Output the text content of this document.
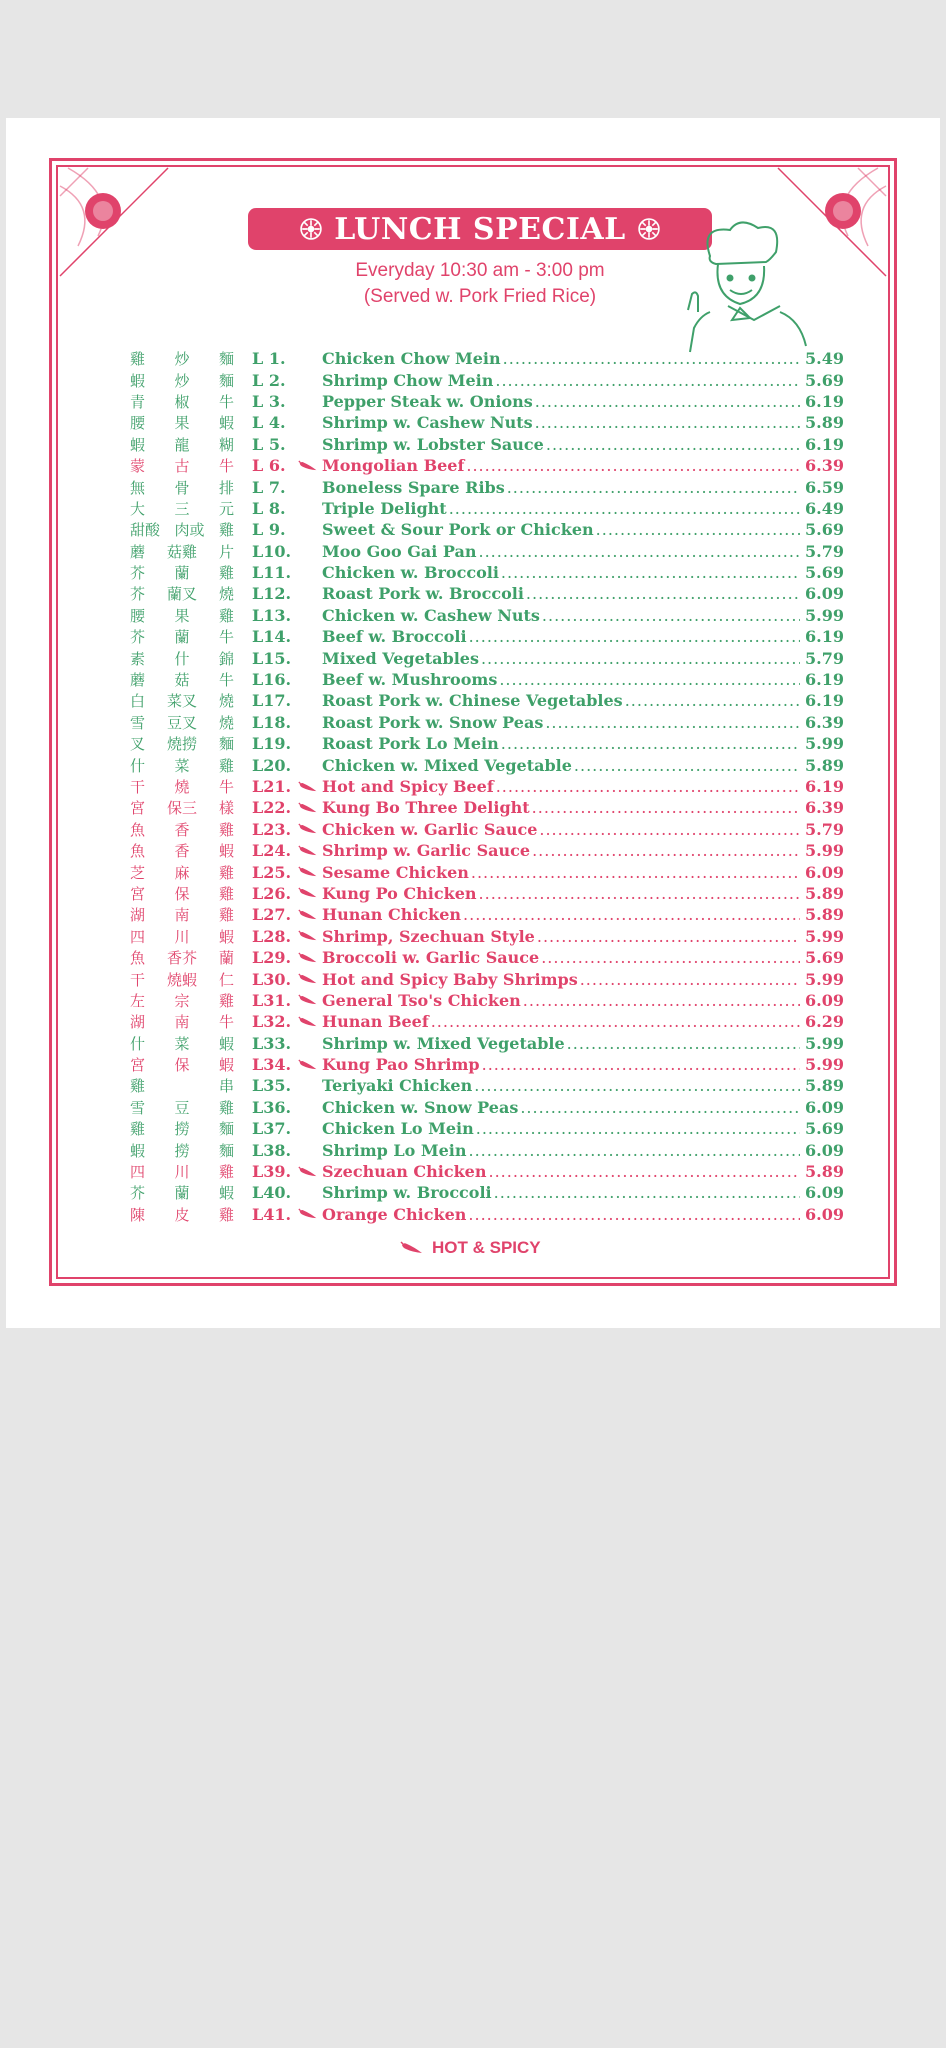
LUNCH SPECIAL
Everyday 10:30 am - 3:00 pm
(Served w. Pork Fried Rice)
雞 炒 麵 L 1.	Chicken Chow Mein .....	5.49
蝦 炒 麵 L 2.	Shrimp Chow Mein .....	5.69
青 椒 牛 L 3.	Pepper Steak w. Onions .....	6.19
腰 果 蝦 L 4.	Shrimp w. Cashew Nuts .....	5.89
蝦 龍 糊 L 5.	Shrimp w. Lobster Sauce .....	6.19
蒙 古 牛 L 6.	Mongolian Beef .....	6.39
無 骨 排 L 7.	Boneless Spare Ribs .....	6.59
大 三 元 L 8.	Triple Delight .....	6.49
甜酸 肉或 雞 L 9.	Sweet & Sour Pork or Chicken .....	5.69
蘑 菇雞 片 L10.	Moo Goo Gai Pan .....	5.79
芥 蘭 雞 L11.	Chicken w. Broccoli .....	5.69
芥 蘭叉 燒 L12.	Roast Pork w. Broccoli .....	6.09
腰 果 雞 L13.	Chicken w. Cashew Nuts .....	5.99
芥 蘭 牛 L14.	Beef w. Broccoli .....	6.19
素 什 錦 L15.	Mixed Vegetables .....	5.79
蘑 菇 牛 L16.	Beef w. Mushrooms .....	6.19
白 菜叉 燒 L17.	Roast Pork w. Chinese Vegetables .....	6.19
雪 豆叉 燒 L18.	Roast Pork w. Snow Peas .....	6.39
叉 燒撈 麵 L19.	Roast Pork Lo Mein .....	5.99
什 菜 雞 L20.	Chicken w. Mixed Vegetable .....	5.89
干 燒 牛 L21.	Hot and Spicy Beef .....	6.19
宮 保三 樣 L22.	Kung Bo Three Delight .....	6.39
魚 香 雞 L23.	Chicken w. Garlic Sauce .....	5.79
魚 香 蝦 L24.	Shrimp w. Garlic Sauce .....	5.99
芝 麻 雞 L25.	Sesame Chicken .....	6.09
宮 保 雞 L26.	Kung Po Chicken .....	5.89
湖 南 雞 L27.	Hunan Chicken .....	5.89
四 川 蝦 L28.	Shrimp, Szechuan Style .....	5.99
魚 香芥 蘭 L29.	Broccoli w. Garlic Sauce .....	5.69
干 燒蝦 仁 L30.	Hot and Spicy Baby Shrimps .....	5.99
左 宗 雞 L31.	General Tso's Chicken .....	6.09
湖 南 牛 L32.	Hunan Beef .....	6.29
什 菜 蝦 L33.	Shrimp w. Mixed Vegetable .....	5.99
宮 保 蝦 L34.	Kung Pao Shrimp .....	5.99
雞	串 L35.	Teriyaki Chicken .....	5.89
雪 豆 雞 L36.	Chicken w. Snow Peas .....	6.09
雞 撈 麵 L37.	Chicken Lo Mein .....	5.69
蝦 撈 麵 L38.	Shrimp Lo Mein .....	6.09
四 川 雞 L39.	Szechuan Chicken .....	5.89
芥 蘭 蝦 L40.	Shrimp w. Broccoli .....	6.09
陳 皮 雞 L41.	Orange Chicken .....	6.09
HOT & SPICY
